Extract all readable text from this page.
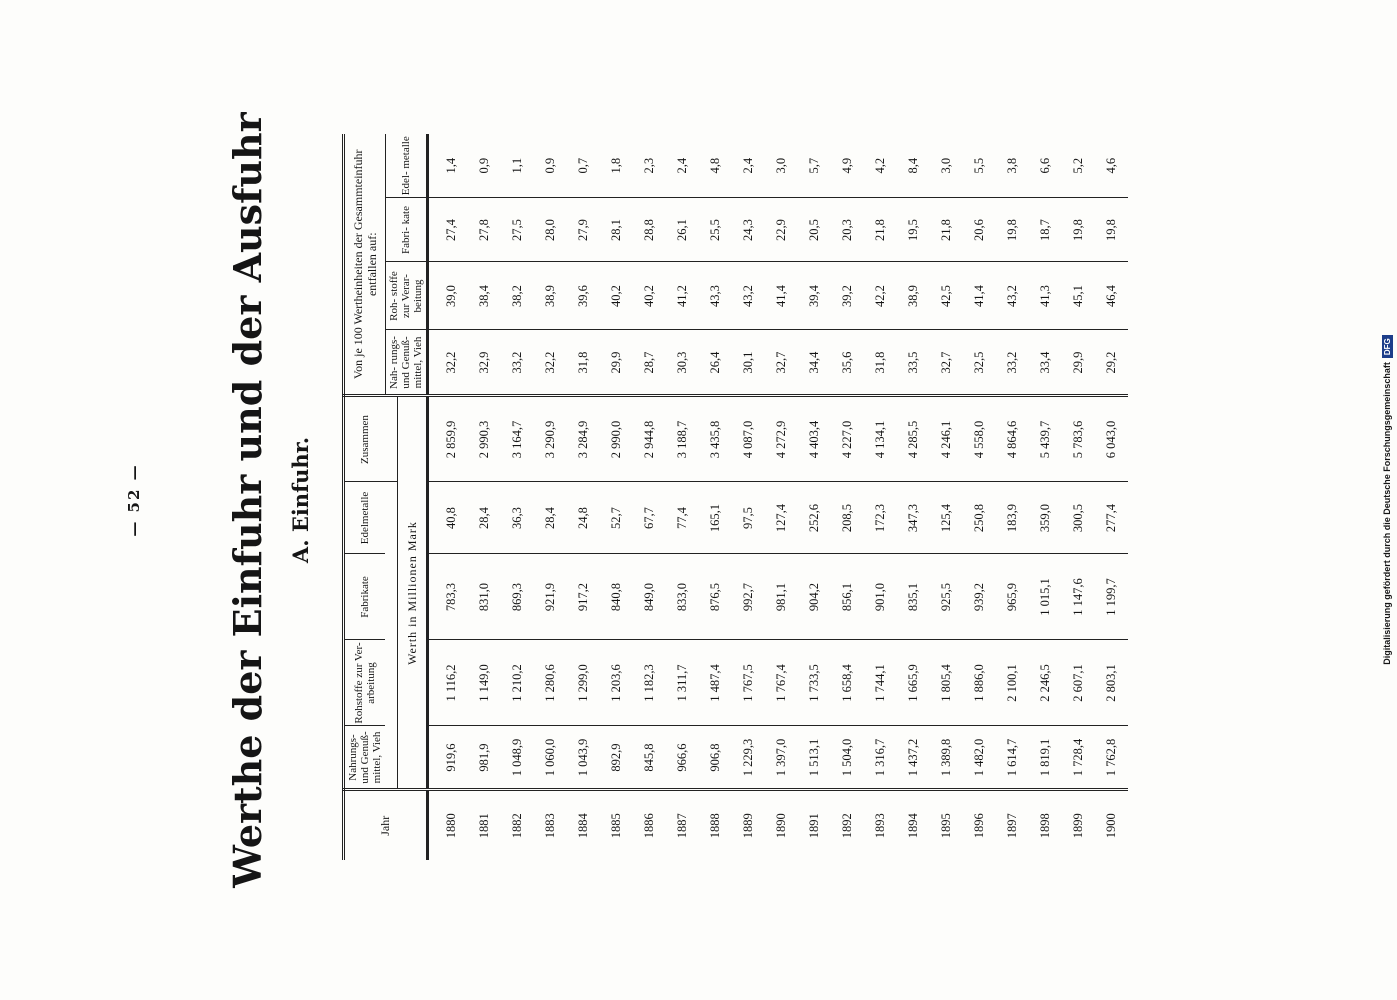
— 52 — Werthe der Einfuhr und der Ausfuhr A. Einfuhr.
Jahr	Nahrungs- und Genuß- mittel, Vieh	Rohstoffe zur Ver- arbeitung	Fabrikate	Edelmetalle	Zusammen	Von je 100 Wertheinheiten der Gesammteinfuhr entfallen auf:			
						Nah- rungs- und Genuß- mittel, Vieh	Roh- stoffe zur Verar- beitung	Fabri- kate	Edel- metalle
	Werth in Millionen Mark								
1880	919,6	1 116,2	783,3	40,8	2 859,9	32,2	39,0	27,4	1,4
1881	981,9	1 149,0	831,0	28,4	2 990,3	32,9	38,4	27,8	0,9
1882	1 048,9	1 210,2	869,3	36,3	3 164,7	33,2	38,2	27,5	1,1
1883	1 060,0	1 280,6	921,9	28,4	3 290,9	32,2	38,9	28,0	0,9
1884	1 043,9	1 299,0	917,2	24,8	3 284,9	31,8	39,6	27,9	0,7
1885	892,9	1 203,6	840,8	52,7	2 990,0	29,9	40,2	28,1	1,8
1886	845,8	1 182,3	849,0	67,7	2 944,8	28,7	40,2	28,8	2,3
1887	966,6	1 311,7	833,0	77,4	3 188,7	30,3	41,2	26,1	2,4
1888	906,8	1 487,4	876,5	165,1	3 435,8	26,4	43,3	25,5	4,8
1889	1 229,3	1 767,5	992,7	97,5	4 087,0	30,1	43,2	24,3	2,4
1890	1 397,0	1 767,4	981,1	127,4	4 272,9	32,7	41,4	22,9	3,0
1891	1 513,1	1 733,5	904,2	252,6	4 403,4	34,4	39,4	20,5	5,7
1892	1 504,0	1 658,4	856,1	208,5	4 227,0	35,6	39,2	20,3	4,9
1893	1 316,7	1 744,1	901,0	172,3	4 134,1	31,8	42,2	21,8	4,2
1894	1 437,2	1 665,9	835,1	347,3	4 285,5	33,5	38,9	19,5	8,4
1895	1 389,8	1 805,4	925,5	125,4	4 246,1	32,7	42,5	21,8	3,0
1896	1 482,0	1 886,0	939,2	250,8	4 558,0	32,5	41,4	20,6	5,5
1897	1 614,7	2 100,1	965,9	183,9	4 864,6	33,2	43,2	19,8	3,8
1898	1 819,1	2 246,5	1 015,1	359,0	5 439,7	33,4	41,3	18,7	6,6
1899	1 728,4	2 607,1	1 147,6	300,5	5 783,6	29,9	45,1	19,8	5,2
1900	1 762,8	2 803,1	1 199,7	277,4	6 043,0	29,2	46,4	19,8	4,6
Digitalisierung gefördert durch die Deutsche ForschungsgemeinschaftDFG
